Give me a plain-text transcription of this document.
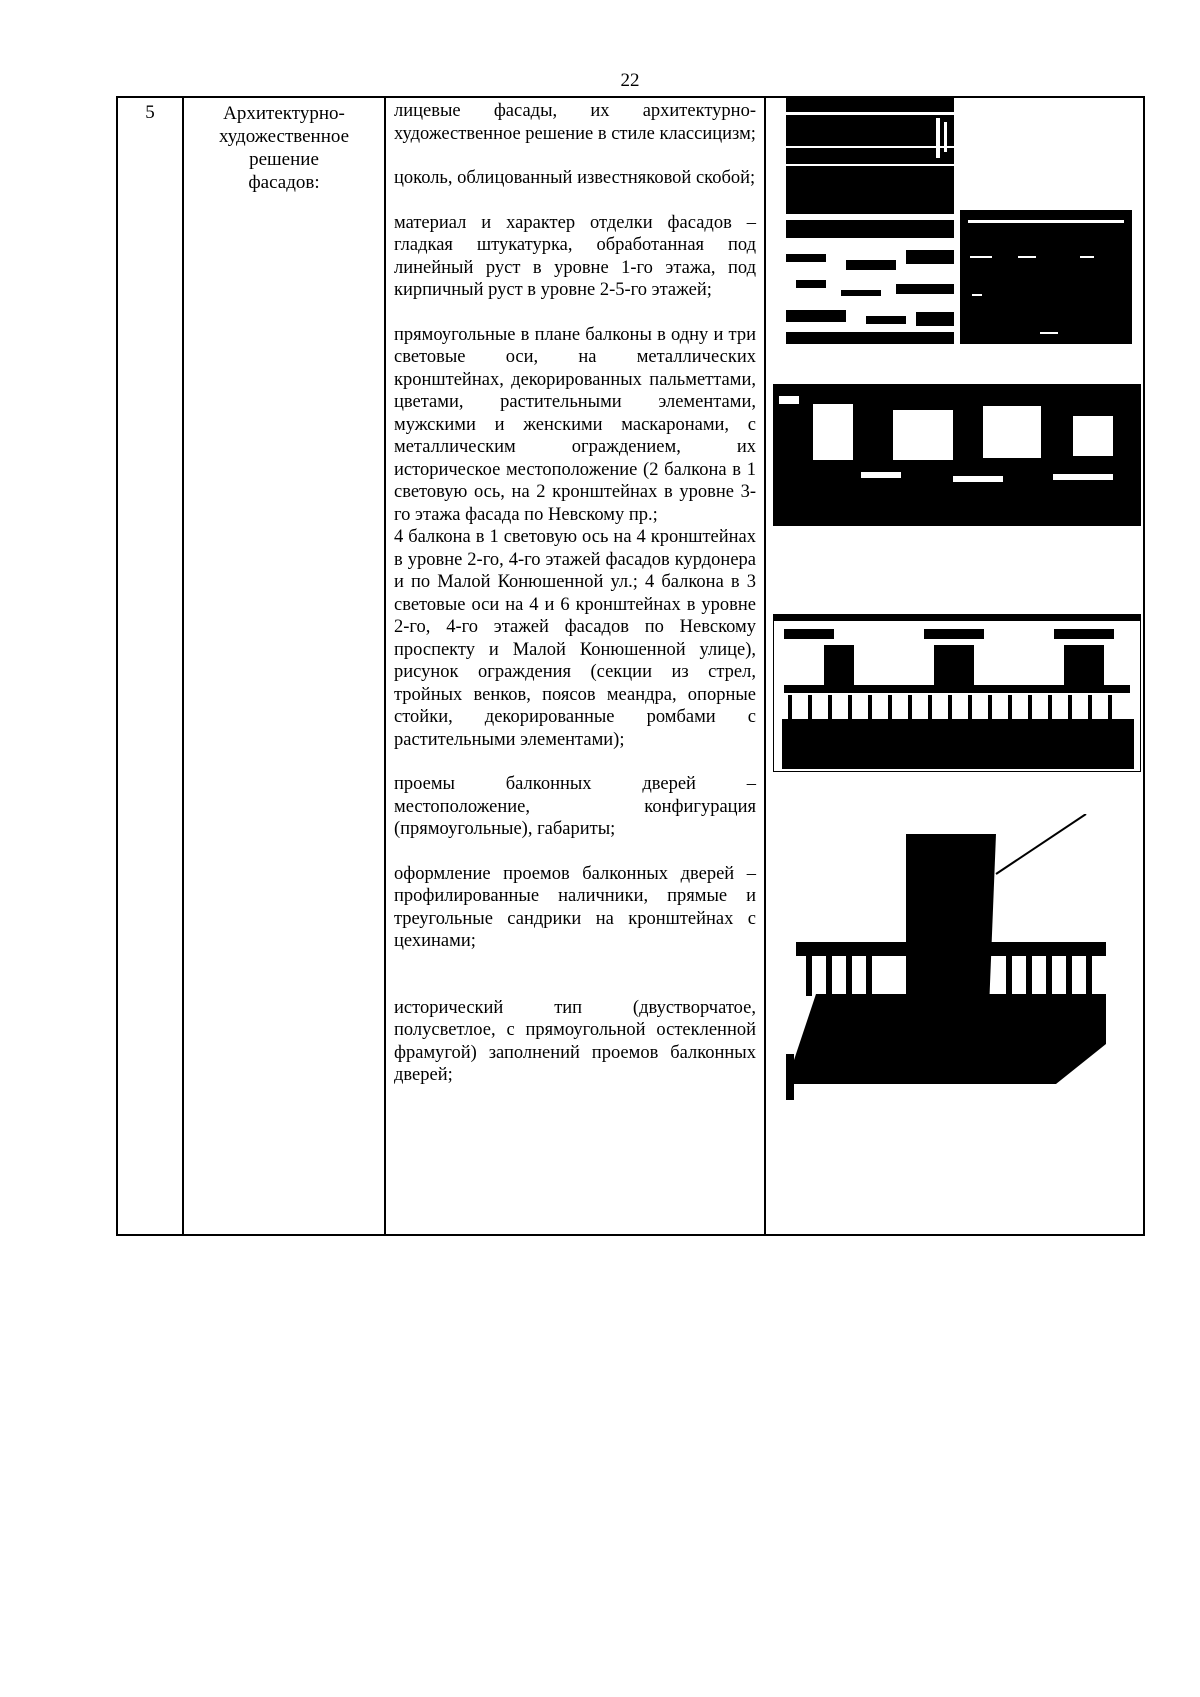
22
5	Архитектурно-
художественное
решение
фасадов:

лицевые фасады, их архитектурно-художественное решение в стиле классицизм;

цоколь, облицованный известняковой скобой;

материал и характер отделки фасадов – гладкая штукатурка, обработанная под линейный руст в уровне 1-го этажа, под кирпичный руст в уровне 2-5-го этажей;

прямоугольные в плане балконы в одну и три световые оси, на металлических кронштейнах, декорированных пальметтами, цветами, растительными элементами, мужскими и женскими маскаронами, с металлическим ограждением, их историческое местоположение (2 балкона в 1 световую ось, на 2 кронштейнах в уровне 3-го этажа фасада по Невскому пр.;

4 балкона в 1 световую ось на 4 кронштейнах в уровне 2-го, 4-го этажей фасадов курдонера и по Малой Конюшенной ул.; 4 балкона в 3 световые оси на 4 и 6 кронштейнах в уровне 2-го, 4-го этажей фасадов по Невскому проспекту и Малой Конюшенной улице), рисунок ограждения (секции из стрел, тройных венков, поясов меандра, опорные стойки, декорированные ромбами с растительными элементами);

проемы балконных дверей – местоположение, конфигурация (прямоугольные), габариты;

оформление проемов балконных дверей – профилированные наличники, прямые и треугольные сандрики на кронштейнах с цехинами;

исторический тип (двустворчатое, полусветлое, с прямоугольной остекленной фрамугой) заполнений проемов балконных дверей;
